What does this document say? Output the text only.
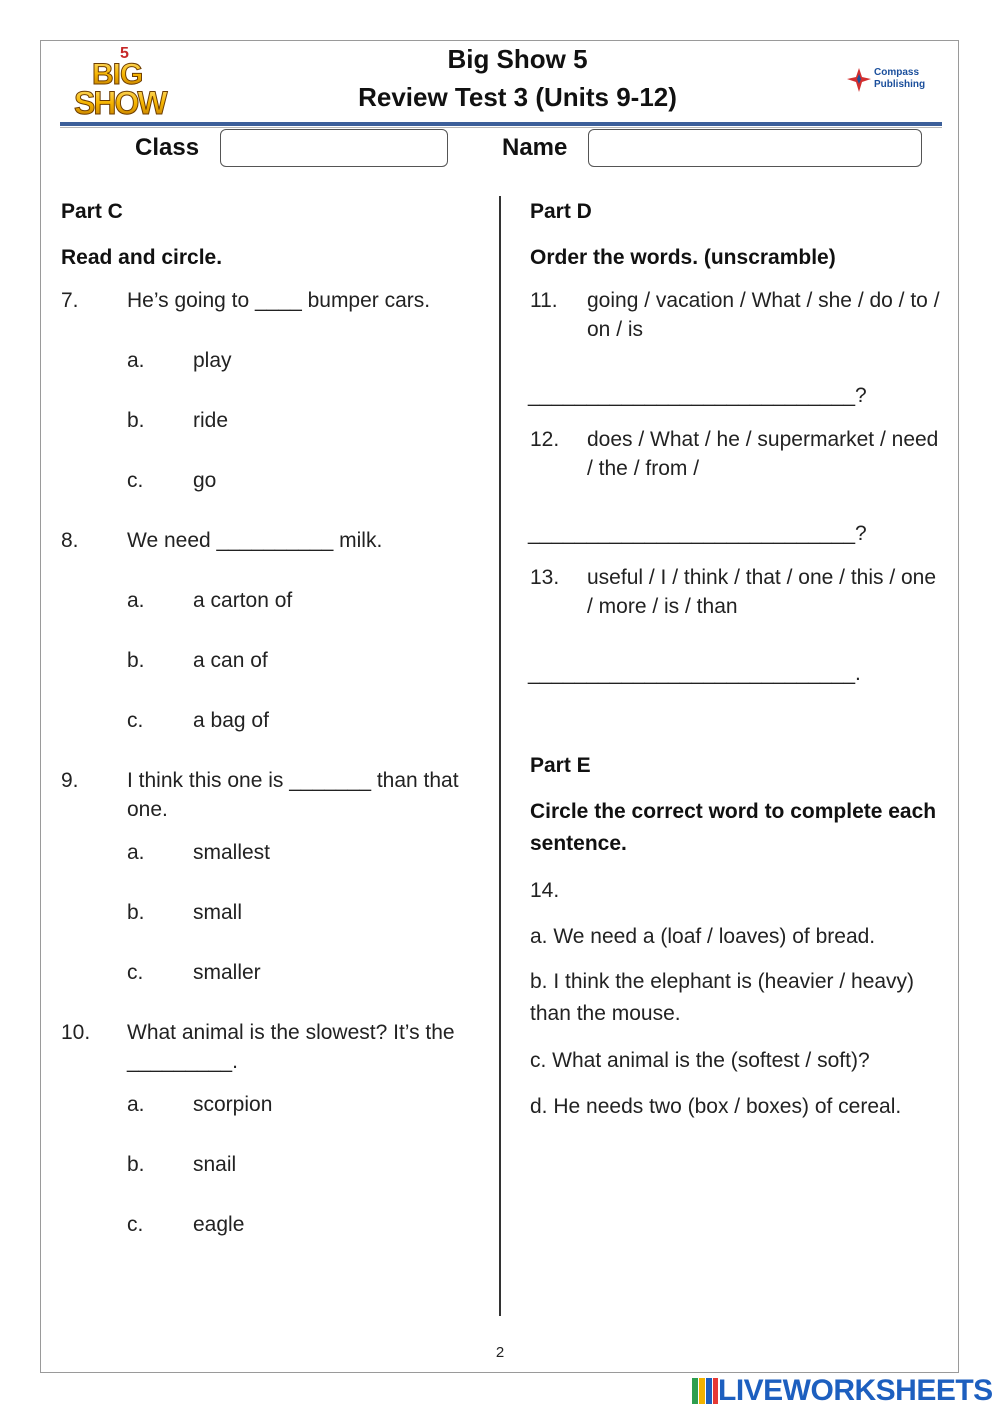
5
BIG
SHOW
Big Show 5
Review Test 3 (Units 9-12)
Compass
Publishing
Class	Name
Part C
Read and circle.
7. He’s going to ____ bumper cars.
a. play
b. ride
c. go
8. We need __________ milk.
a. a carton of
b. a can of
c. a bag of
9. I think this one is _______ than that one.
a. smallest
b. small
c. smaller
10. What animal is the slowest? It’s the _________.
a. scorpion
b. snail
c. eagle
Part D
Order the words. (unscramble)
11. going / vacation / What / she / do / to / on / is
____________________________?
12. does / What / he / supermarket / need / the / from /
____________________________?
13. useful / I / think / that / one / this / one / more / is / than
____________________________.
Part E
Circle the correct word to complete each sentence.
14.
a. We need a (loaf / loaves) of bread.
b. I think the elephant is (heavier / heavy) than the mouse.
c. What animal is the (softest / soft)?
d. He needs two (box / boxes) of cereal.
2
LIVEWORKSHEETS
